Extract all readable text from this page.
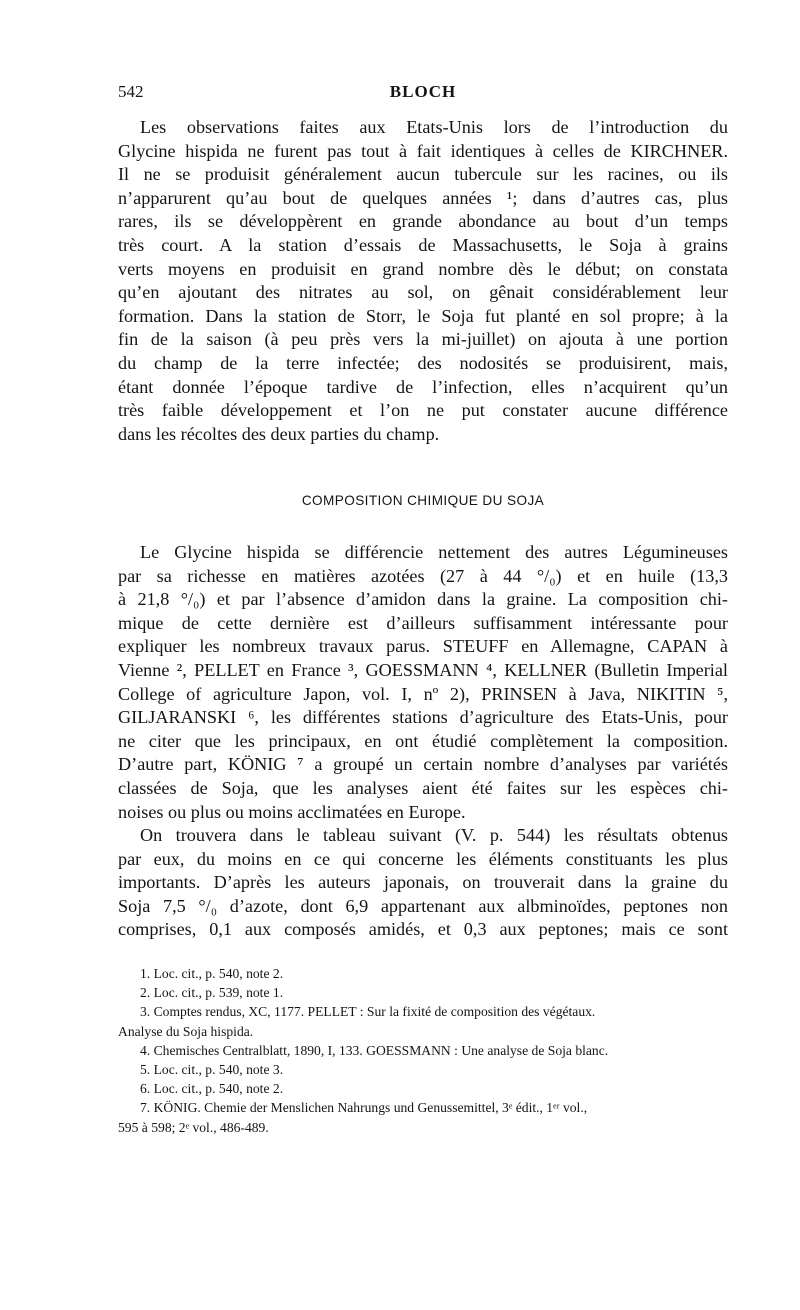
542	BLOCH
Les observations faites aux Etats-Unis lors de l’introduction du
Glycine hispida ne furent pas tout à fait identiques à celles de KIRCHNER.
Il ne se produisit généralement aucun tubercule sur les racines, ou ils
n’apparurent qu’au bout de quelques années ¹; dans d’autres cas, plus
rares, ils se développèrent en grande abondance au bout d’un temps
très court. A la station d’essais de Massachusetts, le Soja à grains
verts moyens en produisit en grand nombre dès le début; on constata
qu’en ajoutant des nitrates au sol, on gênait considérablement leur
formation. Dans la station de Storr, le Soja fut planté en sol propre; à la
fin de la saison (à peu près vers la mi-juillet) on ajouta à une portion
du champ de la terre infectée; des nodosités se produisirent, mais,
étant donnée l’époque tardive de l’infection, elles n’acquirent qu’un
très faible développement et l’on ne put constater aucune différence
dans les récoltes des deux parties du champ.
COMPOSITION CHIMIQUE DU SOJA
Le Glycine hispida se différencie nettement des autres Légumineuses
par sa richesse en matières azotées (27 à 44 °/₀) et en huile (13,3
à 21,8 °/₀) et par l’absence d’amidon dans la graine. La composition chi-
mique de cette dernière est d’ailleurs suffisamment intéressante pour
expliquer les nombreux travaux parus. STEUFF en Allemagne, CAPAN à
Vienne ², PELLET en France ³, GOESSMANN ⁴, KELLNER (Bulletin Imperial
College of agriculture Japon, vol. I, nº 2), PRINSEN à Java, NIKITIN ⁵,
GILJARANSKI ⁶, les différentes stations d’agriculture des Etats-Unis, pour
ne citer que les principaux, en ont étudié complètement la composition.
D’autre part, KÖNIG ⁷ a groupé un certain nombre d’analyses par variétés
classées de Soja, que les analyses aient été faites sur les espèces chi-
noises ou plus ou moins acclimatées en Europe.
On trouvera dans le tableau suivant (V. p. 544) les résultats obtenus
par eux, du moins en ce qui concerne les éléments constituants les plus
importants. D’après les auteurs japonais, on trouverait dans la graine du
Soja 7,5 °/₀ d’azote, dont 6,9 appartenant aux albminoïdes, peptones non
comprises, 0,1 aux composés amidés, et 0,3 aux peptones; mais ce sont
1. Loc. cit., p. 540, note 2.
2. Loc. cit., p. 539, note 1.
3. Comptes rendus, XC, 1177. PELLET : Sur la fixité de composition des végétaux.
Analyse du Soja hispida.
4. Chemisches Centralblatt, 1890, I, 133. GOESSMANN : Une analyse de Soja blanc.
5. Loc. cit., p. 540, note 3.
6. Loc. cit., p. 540, note 2.
7. KÖNIG. Chemie der Menslichen Nahrungs und Genussemittel, 3ᵉ édit., 1ᵉʳ vol.,
595 à 598; 2ᵉ vol., 486-489.
